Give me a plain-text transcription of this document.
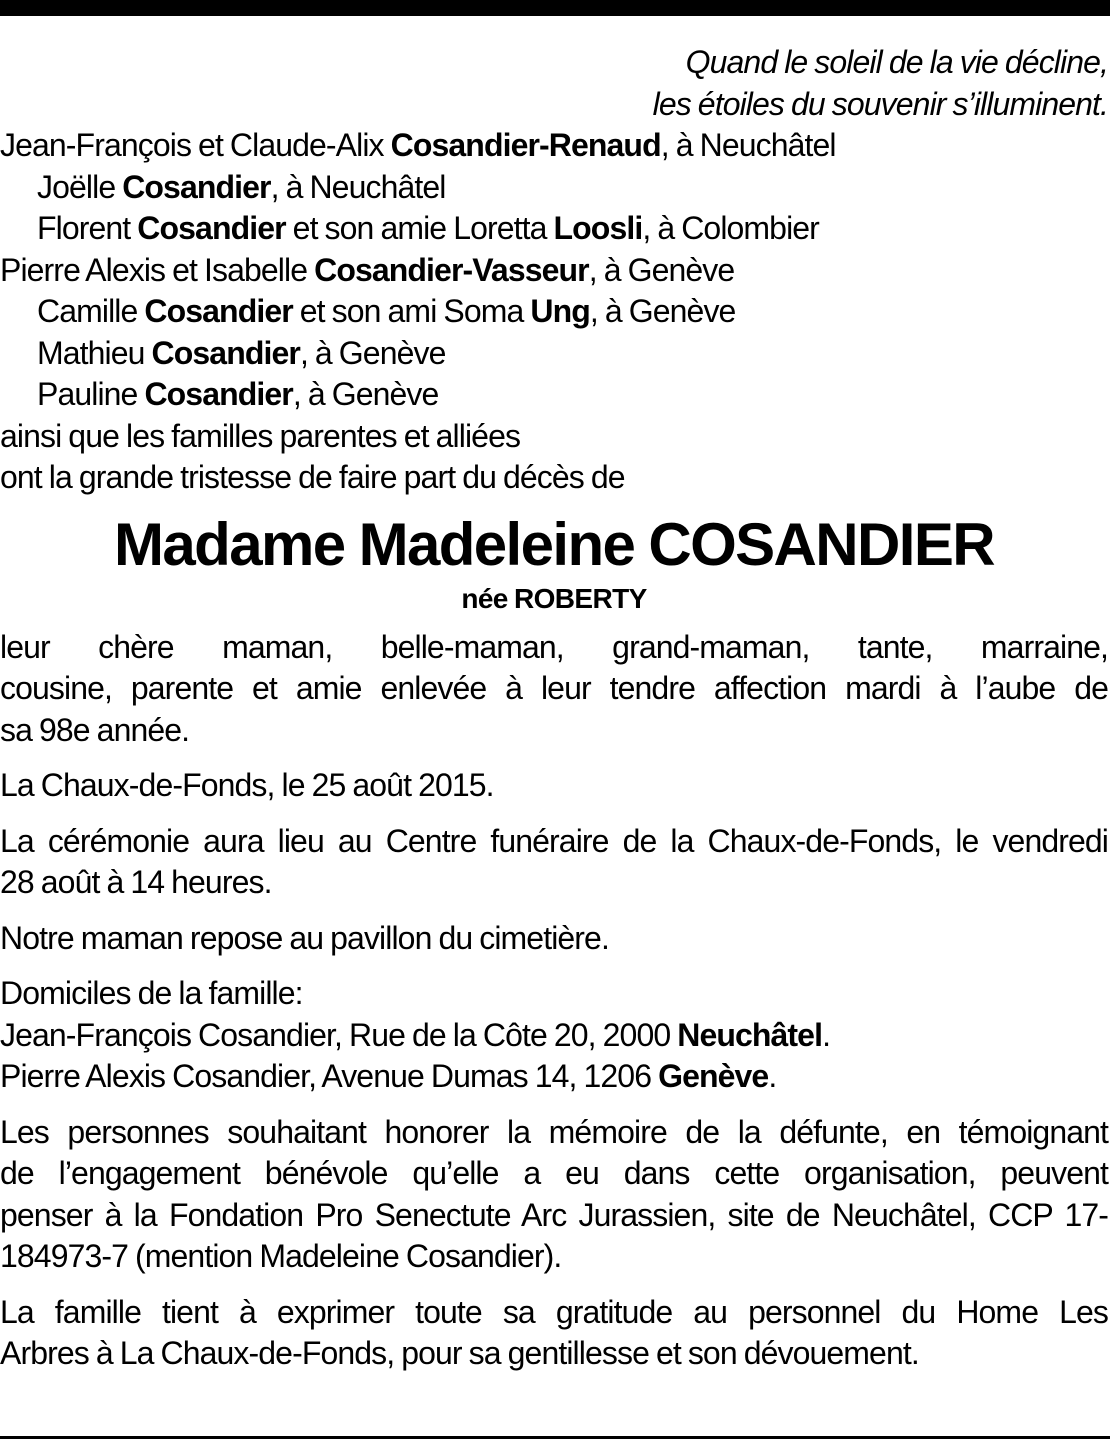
Quand le soleil de la vie décline,
les étoiles du souvenir s’illuminent.
Jean-François et Claude-Alix Cosandier-Renaud, à Neuchâtel
Joëlle Cosandier, à Neuchâtel
Florent Cosandier et son amie Loretta Loosli, à Colombier
Pierre Alexis et Isabelle Cosandier-Vasseur, à Genève
Camille Cosandier et son ami Soma Ung, à Genève
Mathieu Cosandier, à Genève
Pauline Cosandier, à Genève
ainsi que les familles parentes et alliées
ont la grande tristesse de faire part du décès de
Madame Madeleine COSANDIER
née ROBERTY
leur chère maman, belle-maman, grand-maman, tante, marraine,
cousine, parente et amie enlevée à leur tendre affection mardi à l’aube de
sa 98e année.
La Chaux-de-Fonds, le 25 août 2015.
La cérémonie aura lieu au Centre funéraire de la Chaux-de-Fonds, le vendredi
28 août à 14 heures.
Notre maman repose au pavillon du cimetière.
Domiciles de la famille:
Jean-François Cosandier, Rue de la Côte 20, 2000 Neuchâtel.
Pierre Alexis Cosandier, Avenue Dumas 14, 1206 Genève.
Les personnes souhaitant honorer la mémoire de la défunte, en témoignant
de l’engagement bénévole qu’elle a eu dans cette organisation, peuvent
penser à la Fondation Pro Senectute Arc Jurassien, site de Neuchâtel, CCP 17-
184973-7 (mention Madeleine Cosandier).
La famille tient à exprimer toute sa gratitude au personnel du Home Les
Arbres à La Chaux-de-Fonds, pour sa gentillesse et son dévouement.
